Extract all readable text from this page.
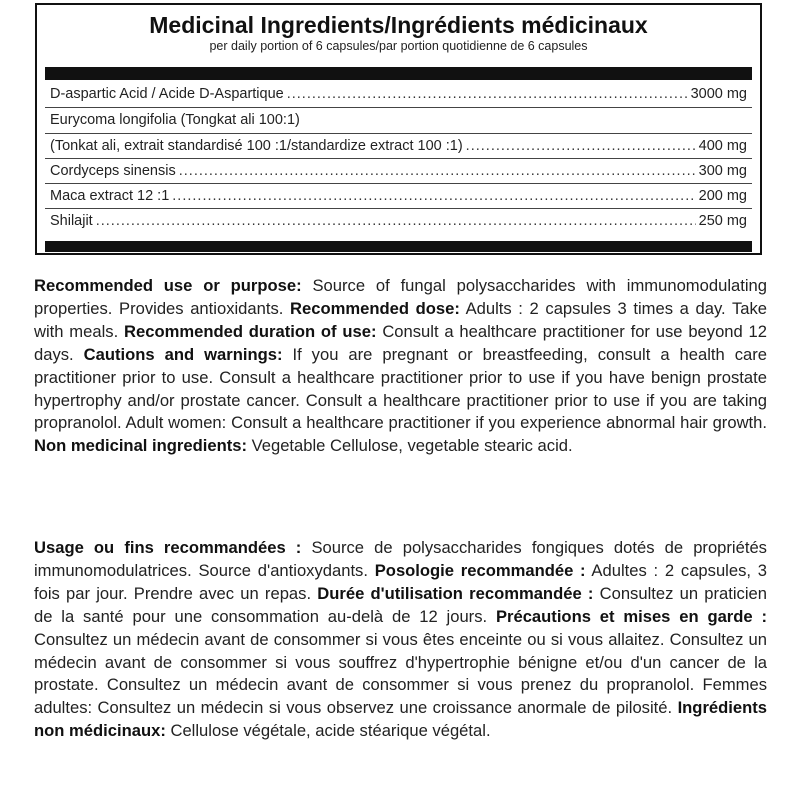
Medicinal Ingredients/Ingrédients médicinaux
per daily portion of 6 capsules/par portion quotidienne de 6 capsules
D-aspartic Acid / Acide D-Aspartique .....	3000 mg
Eurycoma longifolia (Tongkat ali 100:1)
(Tonkat ali, extrait standardisé 100 :1/standardize extract 100 :1) .....	400 mg
Cordyceps sinensis .....	300 mg
Maca extract 12 :1 .....	200 mg
Shilajit .....	250 mg
Recommended use or purpose: Source of fungal polysaccharides with immunomodulating properties. Provides antioxidants. Recommended dose: Adults : 2 capsules 3 times a day. Take with meals. Recommended duration of use: Consult a healthcare practitioner for use beyond 12 days. Cautions and warnings: If you are pregnant or breastfeeding, consult a health care practitioner prior to use. Consult a healthcare practitioner prior to use if you have benign prostate hypertrophy and/or prostate cancer. Consult a healthcare practitioner prior to use if you are taking propranolol. Adult women: Consult a healthcare practitioner if you experience abnormal hair growth. Non medicinal ingredients: Vegetable Cellulose, vegetable stearic acid.
Usage ou fins recommandées : Source de polysaccharides fongiques dotés de propriétés immunomodulatrices. Source d'antioxydants. Posologie recommandée : Adultes : 2 capsules, 3 fois par jour. Prendre avec un repas. Durée d'utilisation recommandée : Consultez un praticien de la santé pour une consommation au-delà de 12 jours. Précautions et mises en garde : Consultez un médecin avant de consommer si vous êtes enceinte ou si vous allaitez. Consultez un médecin avant de consommer si vous souffrez d'hypertrophie bénigne et/ou d'un cancer de la prostate. Consultez un médecin avant de consommer si vous prenez du propranolol. Femmes adultes: Consultez un médecin si vous observez une croissance anormale de pilosité. Ingrédients non médicinaux: Cellulose végétale, acide stéarique végétal.
